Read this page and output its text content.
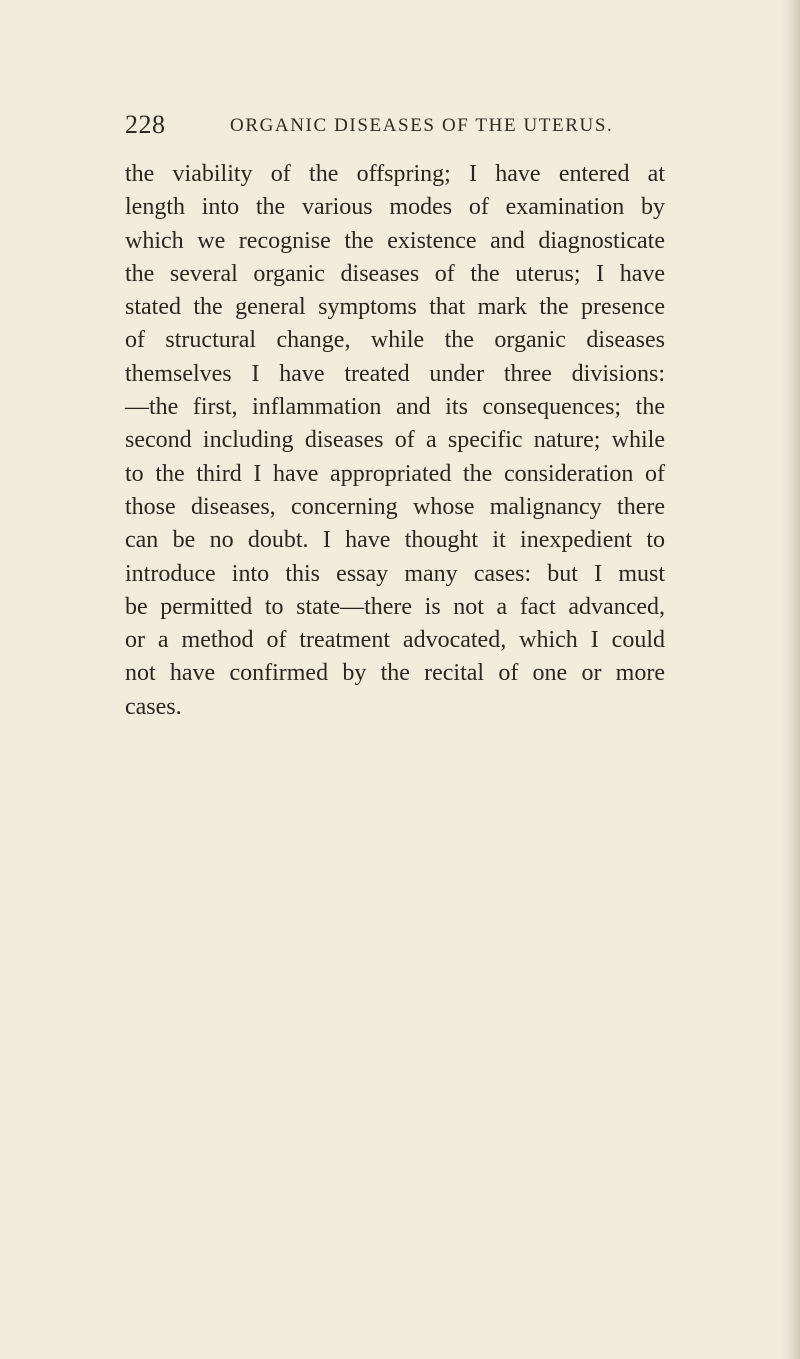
228	ORGANIC DISEASES OF THE UTERUS.
the viability of the offspring; I have entered at
length into the various modes of examination by
which we recognise the existence and diagnosticate
the several organic diseases of the uterus; I have
stated the general symptoms that mark the presence
of structural change, while the organic diseases
themselves I have treated under three divisions:
—the first, inflammation and its consequences; the
second including diseases of a specific nature; while
to the third I have appropriated the consideration of
those diseases, concerning whose malignancy there
can be no doubt. I have thought it inexpedient to
introduce into this essay many cases: but I must
be permitted to state—there is not a fact advanced,
or a method of treatment advocated, which I could
not have confirmed by the recital of one or more
cases.
